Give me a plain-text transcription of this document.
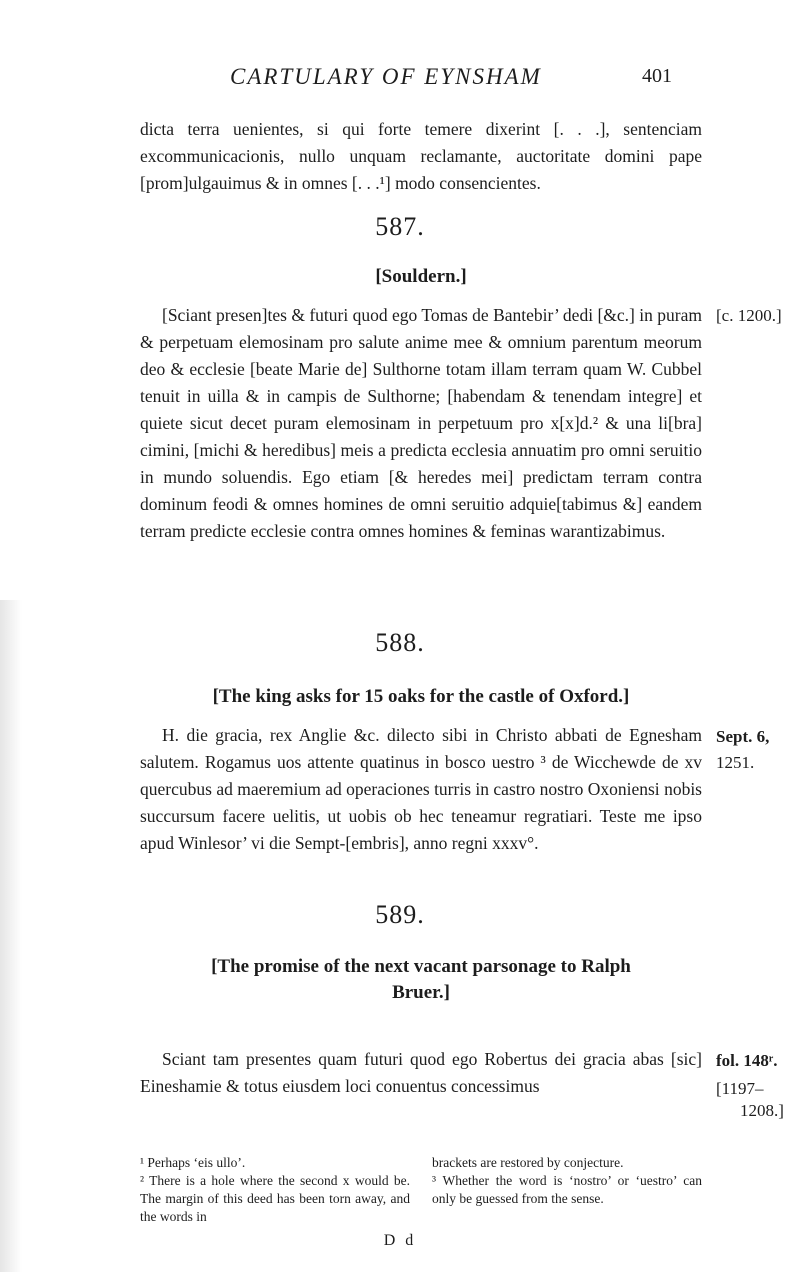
CARTULARY OF EYNSHAM	401

dicta terra uenientes, si qui forte temere dixerint [. . .], sentenciam excommunicacionis, nullo unquam reclamante, auctoritate domini pape [prom]ulgauimus & in omnes [. . .¹] modo consencientes.

587.
[Souldern.]
[c. 1200.]

[Sciant presen]tes & futuri quod ego Tomas de Bantebir’ dedi [&c.] in puram & perpetuam elemosinam pro salute anime mee & omnium parentum meorum deo & ecclesie [beate Marie de] Sulthorne totam illam terram quam W. Cubbel tenuit in uilla & in campis de Sulthorne; [habendam & tenendam integre] et quiete sicut decet puram elemosinam in perpetuum pro x[x]d.² & una li[bra] cimini, [michi & heredibus] meis a predicta ecclesia annuatim pro omni seruitio in mundo soluendis. Ego etiam [& heredes mei] predictam terram contra dominum feodi & omnes homines de omni seruitio adquie[tabimus &] eandem terram predicte ecclesie contra omnes homines & feminas warantizabimus.

588.
[The king asks for 15 oaks for the castle of Oxford.]
Sept. 6,
1251.

H. die gracia, rex Anglie &c. dilecto sibi in Christo abbati de Egnesham salutem. Rogamus uos attente quatinus in bosco uestro ³ de Wicchewde de xv quercubus ad maeremium ad operaciones turris in castro nostro Oxoniensi nobis succursum facere uelitis, ut uobis ob hec teneamur regratiari. Teste me ipso apud Winlesor’ vi die Sempt-[embris], anno regni xxxv°.

589.
[The promise of the next vacant parsonage to Ralph Bruer.]
fol. 148ʳ.
[1197–
1208.]

Sciant tam presentes quam futuri quod ego Robertus dei gracia abas [sic] Eineshamie & totus eiusdem loci conuentus concessimus

¹ Perhaps ‘eis ullo’.

² There is a hole where the second x would be. The margin of this deed has been torn away, and the words in

brackets are restored by conjecture.

³ Whether the word is ‘nostro’ or ‘uestro’ can only be guessed from the sense.

D d
